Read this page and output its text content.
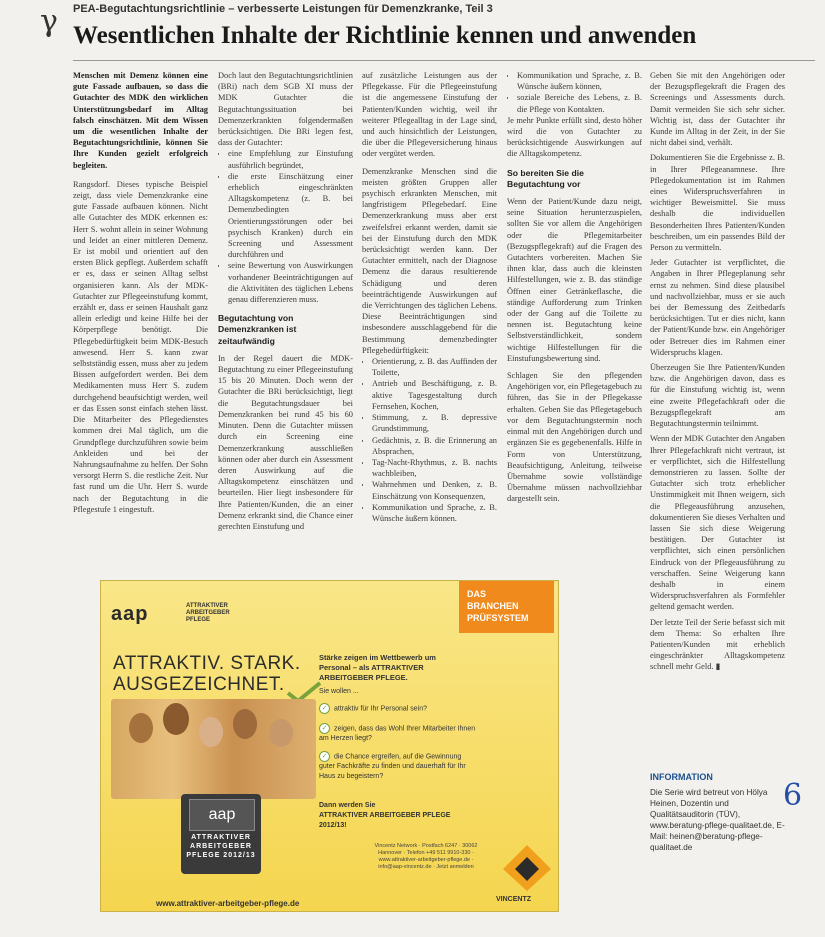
γ PEA-Begutachtungsrichtlinie – verbesserte Leistungen für Demenzkranke, Teil 3
Wesentlichen Inhalte der Richtlinie kennen und anwenden

Menschen mit Demenz können eine gute Fassade aufbauen, so dass die Gutachter des MDK den wirklichen Unterstützungsbedarf im Alltag falsch einschätzen. Mit dem Wissen um die wesentlichen Inhalte der Begutachtungsrichtlinie, können Sie Ihre Kunden gezielt erfolgreich begleiten.

Rangsdorf. Dieses typische Beispiel zeigt, dass viele Demenzkranke eine gute Fassade aufbauen können. Nicht alle Gutachter des MDK erkennen es: Herr S. wohnt allein in seiner Wohnung und leidet an einer mittleren Demenz. Er ist mobil und orientiert auf den ersten Blick gepflegt. Außerdem schafft er es, dass er seinen Alltag selbst organisieren kann. Als der MDK-Gutachter zur Pflegeeinstufung kommt, erzählt er, dass er seinen Haushalt ganz allein erledigt und keine Hilfe bei der Körperpflege benötigt. Die Pflegebedürftigkeit beim MDK-Besuch anwesend. Herr S. kann zwar selbstständig essen, muss aber zu jedem Bissen aufgefordert werden. Bei dem Medikamenten muss Herr S. zudem durchgehend beaufsichtigt werden, weil er das Essen sonst einfach stehen lässt. Die Mitarbeiter des Pflegedienstes kommen drei Mal täglich, um die Grundpflege durchzuführen sowie beim Ankleiden und bei der Nahrungsaufnahme zu helfen. Der Sohn versorgt Herrn S. die restliche Zeit. Nur fast rund um die Uhr. Herr S. wurde nach der Begutachtung in die Pflegestufe 1 eingestuft.

Doch laut den Begutachtungsrichtlinien (BRi) nach dem SGB XI muss der MDK Gutachter die Begutachtungssituation bei Demenzerkrankten folgendermaßen berücksichtigen. Die BRi legen fest, dass der Gutachter:

• eine Empfehlung zur Einstufung ausführlich begründet,
• die erste Einschätzung einer erheblich eingeschränkten Alltagskompetenz (z. B. bei Demenzbedingten Orientierungsstörungen oder bei psychisch Kranken) durch ein Screening und Assessment durchführen und
• seine Bewertung von Auswirkungen vorhandener Beeinträchtigungen auf die Aktivitäten des täglichen Lebens genau differenzieren muss.

Begutachtung von Demenzkranken ist zeitaufwändig

In der Regel dauert die MDK-Begutachtung zu einer Pflegeeinstufung 15 bis 20 Minuten. Doch wenn der Gutachter die BRi berücksichtigt, liegt die Begutachtungsdauer bei Demenzkranken bei rund 45 bis 60 Minuten. Denn die Gutachter müssen durch ein Screening eine Demenzerkrankung ausschließen können oder aber durch ein Assessment deren Auswirkung auf die Alltagskompetenz einschätzen und beurteilen. Hier liegt insbesondere für Ihre Patienten/Kunden, die an einer Demenz erkrankt sind, die Chance einer gerechten Einstufung und

auf zusätzliche Leistungen aus der Pflegekasse. Für die Pflegeeinstufung ist die angemessene Einstufung der Patienten/Kunden wichtig, weil ihr weiterer Pflegealltag in der Lage sind, und auch hinsichtlich der Leistungen, die über die Pflegeversicherung hinaus oder vergütet werden.

Demenzkranke Menschen sind die meisten größten Gruppen aller psychisch erkrankten Menschen, mit langfristigem Pflegebedarf. Eine Demenzerkrankung muss aber erst zweifelsfrei erkannt werden, damit sie bei der Einstufung durch den MDK berücksichtigt werden kann. Der Gutachter ermittelt, nach der Diagnose Demenz die daraus resultierende Schädigung und deren beeinträchtigende Auswirkungen auf die Verrichtungen des täglichen Lebens. Diese Beeinträchtigungen sind insbesondere ausschlaggebend für die Bestimmung demenzbedingter Pflegebedürftigkeit:

• Orientierung, z. B. das Auffinden der Toilette,
• Antrieb und Beschäftigung, z. B. aktive Tagesgestaltung durch Fernsehen, Kochen,
• Stimmung, z. B. depressive Grundstimmung,
• Gedächtnis, z. B. die Erinnerung an Absprachen,
• Tag-Nacht-Rhythmus, z. B. nachts wachbleiben,
• Wahrnehmen und Denken, z. B. Einschätzung von Konsequenzen,
• Kommunikation und Sprache, z. B. Wünsche äußern können.
• Kommunikation und Sprache, z. B. Wünsche äußern können,
• soziale Bereiche des Lebens, z. B. die Pflege von Kontakten.

Je mehr Punkte erfüllt sind, desto höher wird die von Gutachter zu berücksichtigende Auswirkungen auf die Alltagskompetenz.

So bereiten Sie die Begutachtung vor

Wenn der Patient/Kunde dazu neigt, seine Situation herunterzuspielen, sollten Sie vor allem die Angehörigen oder die Pflegemitarbeiter (Bezugspflegekraft) auf die Fragen des Gutachters vorbereiten. Machen Sie ihnen klar, dass auch die kleinsten Hilfestellungen, wie z. B. das ständige Öffnen einer Getränkeflasche, die ständige Aufforderung zum Trinken oder der Gang auf die Toilette zu nennen ist. Begutachtung keine Selbstverständlichkeit, sondern wichtige Hilfestellungen für die Einstufungsbewertung sind.

Schlagen Sie den pflegenden Angehörigen vor, ein Pflegetagebuch zu führen, das Sie in der Pflegekasse erhalten. Geben Sie das Pflegetagebuch vor dem Begutachtungstermin noch einmal mit den Angehörigen durch und ergänzen Sie es gegebenenfalls. Hilfe in Form von Unterstützung, Beaufsichtigung, Anleitung, teilweise Übernahme sowie vollständige Übernahme müssen nachvollziehbar dargestellt sein.

Geben Sie mit den Angehörigen oder der Bezugspflegekraft die Fragen des Screenings und Assessments durch. Damit vermeiden Sie sich sehr sicher. Wichtig ist, dass der Gutachter ihr Kunde im Alltag in der Zeit, in der Sie nicht dabei sind, verhält.

Dokumentieren Sie die Ergebnisse z. B. in Ihrer Pflegeanamnese. Ihre Pflegedokumentation ist im Rahmen eines Widerspruchsverfahren in wichtiger Beweismittel. Sie muss deshalb die individuellen Besonderheiten Ihres Patienten/Kunden beschreiben, um ein passendes Bild der Person zu vermitteln.

Jeder Gutachter ist verpflichtet, die Angaben in Ihrer Pflegeplanung sehr ernst zu nehmen. Sind diese plausibel und nachvollziehbar, muss er sie auch bei der Bemessung des Zeitbedarfs berücksichtigen. Tut er dies nicht, kann der Patient/Kunde bzw. ein Angehöriger oder Betreuer dies im Rahmen einer Widerspruchs klagen.

Überzeugen Sie Ihre Patienten/Kunden bzw. die Angehörigen davon, dass es für die Einstufung wichtig ist, wenn eine zweite Pflegefachkraft oder die Bezugspflegekraft am Begutachtungstermin teilnimmt.

Wenn der MDK Gutachter den Angaben Ihrer Pflegefachkraft nicht vertraut, ist er verpflichtet, sich die Hilfestellung demonstrieren zu lassen. Sollte der Gutachter sich trotz erheblicher Unstimmigkeit mit Ihnen weigern, sich die Pflegeausführung anzusehen, dokumentieren Sie dieses Verhalten und lassen Sie sich diese Weigerung bestätigen. Der Gutachter ist verpflichtet, sich einen persönlichen Eindruck von der Pflegeausführung zu verschaffen. Seine Weigerung kann deshalb in einem Widerspruchsverfahren als Formfehler geltend gemacht werden.

Der letzte Teil der Serie befasst sich mit dem Thema: So erhalten Ihre Patienten/Kunden mit erheblich eingeschränkter Alltagskompetenz schnell mehr Geld. ▮

INFORMATION
Die Serie wird betreut von Hölya Heinen, Dozentin und Qualitätsauditorin (TÜV), www.beratung-pflege-qualitaet.de, E-Mail: heinen@beratung-pflege-qualitaet.de
6
aap	ATTRAKTIVER ARBEITGEBER PFLEGE
DAS
BRANCHEN
PRÜFSYSTEM
ATTRAKTIV. STARK.
AUSGEZEICHNET.
aap
ATTRAKTIVER ARBEITGEBER PFLEGE 2012/13
Stärke zeigen im Wettbewerb um Personal – als ATTRAKTIVER ARBEITGEBER PFLEGE.
Sie wollen ...
✓ attraktiv für Ihr Personal sein?
✓ zeigen, dass das Wohl Ihrer Mitarbeiter Ihnen am Herzen liegt?
✓ die Chance ergreifen, auf die Gewinnung guter Fachkräfte zu finden und dauerhaft für Ihr Haus zu begeistern?
Dann werden Sie
ATTRAKTIVER ARBEITGEBER PFLEGE 2012/13!
Vincentz Network · Postfach 6247 · 30062 Hannover · Telefon +49 511 9910-330 · www.attraktiver-arbeitgeber-pflege.de · info@aap-vincentz.de · Jetzt anmelden
VINCENTZ
www.attraktiver-arbeitgeber-pflege.de
